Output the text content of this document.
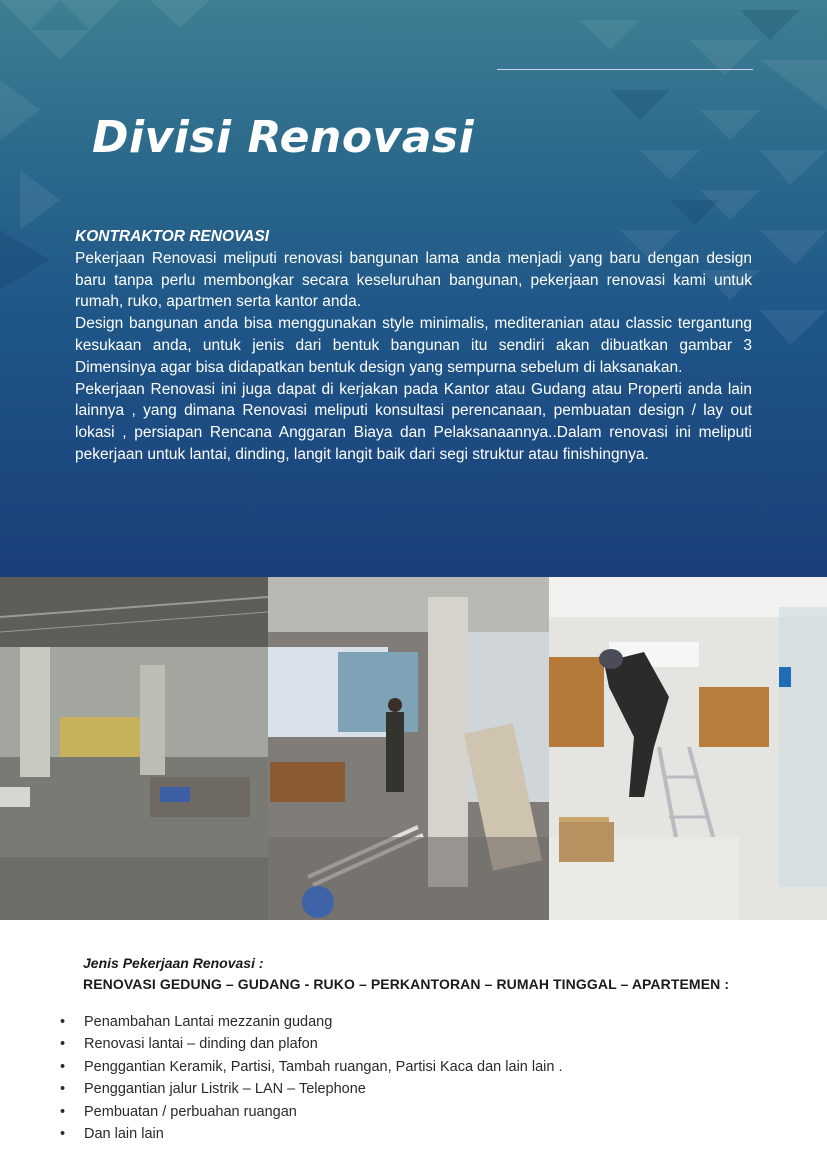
Divisi Renovasi
KONTRAKTOR RENOVASI

Pekerjaan Renovasi meliputi renovasi bangunan lama anda menjadi yang baru dengan design baru tanpa perlu membongkar secara keseluruhan bangunan, pekerjaan renovasi kami untuk rumah, ruko, apartmen serta kantor anda.

Design bangunan anda bisa menggunakan style minimalis, mediteranian atau classic tergantung kesukaan anda, untuk jenis dari bentuk bangunan itu sendiri akan dibuatkan gambar 3 Dimensinya agar bisa didapatkan bentuk design yang sempurna sebelum di laksanakan.

Pekerjaan Renovasi ini juga dapat di kerjakan pada Kantor atau Gudang atau Properti anda lain lainnya , yang dimana Renovasi meliputi konsultasi perencanaan, pembuatan design / lay out lokasi , persiapan Rencana Anggaran Biaya dan Pelaksanaannya..Dalam renovasi ini meliputi pekerjaan untuk lantai, dinding, langit langit baik dari segi struktur atau finishingnya.

Jenis Pekerjaan Renovasi :
RENOVASI GEDUNG – GUDANG - RUKO – PERKANTORAN – RUMAH TINGGAL – APARTEMEN :
• Penambahan Lantai mezzanin gudang
• Renovasi lantai – dinding dan plafon
• Penggantian Keramik, Partisi, Tambah ruangan, Partisi Kaca dan lain lain .
• Penggantian jalur Listrik – LAN – Telephone
• Pembuatan / perbuahan ruangan
• Dan lain lain
